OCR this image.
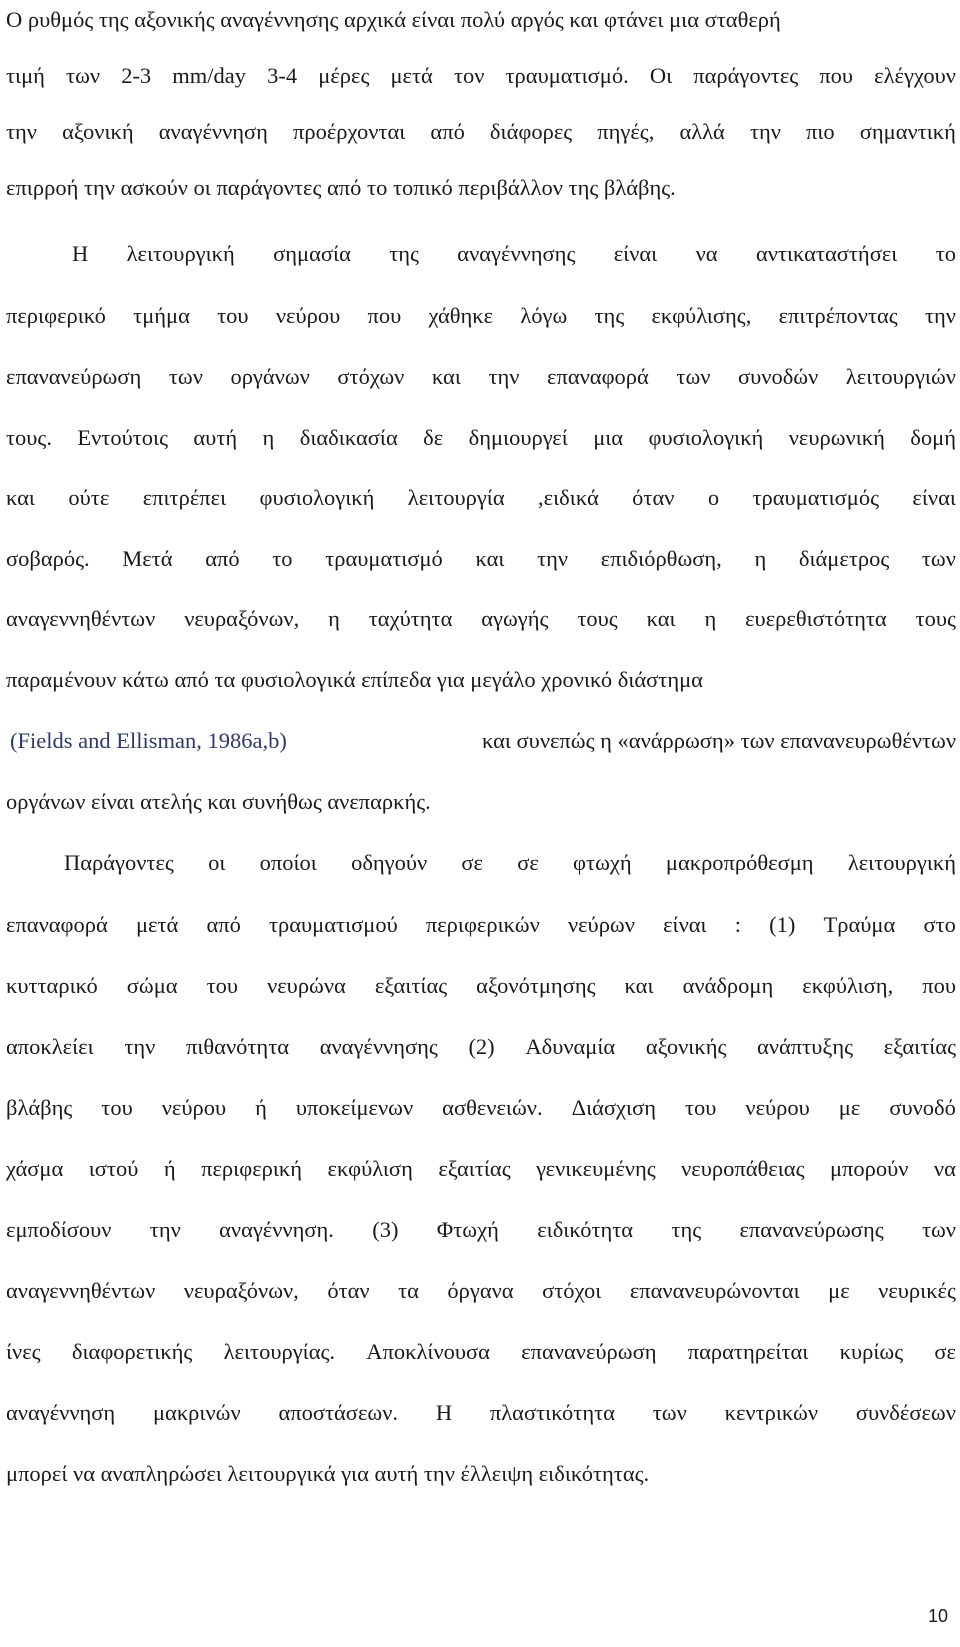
Ο ρυθμός της αξονικής αναγέννησης αρχικά είναι πολύ αργός και φτάνει μια σταθερή
τιμή των 2-3 mm/day 3-4 μέρες μετά τον τραυματισμό. Οι παράγοντες που ελέγχουν
την αξονική αναγέννηση προέρχονται από διάφορες πηγές, αλλά την πιο σημαντική
επιρροή την ασκούν οι παράγοντες από το τοπικό περιβάλλον της βλάβης.
Η λειτουργική σημασία της αναγέννησης είναι να αντικαταστήσει το
περιφερικό τμήμα του νεύρου που χάθηκε λόγω της εκφύλισης, επιτρέποντας την
επανανεύρωση των οργάνων στόχων και την επαναφορά των συνοδών λειτουργιών
τους. Εντούτοις αυτή η διαδικασία δε δημιουργεί μια φυσιολογική νευρωνική δομή
και ούτε επιτρέπει φυσιολογική λειτουργία ,ειδικά όταν ο τραυματισμός είναι
σοβαρός. Μετά από το τραυματισμό και την επιδιόρθωση, η διάμετρος των
αναγεννηθέντων νευραξόνων, η ταχύτητα αγωγής τους και η ευερεθιστότητα τους
παραμένουν κάτω από τα φυσιολογικά επίπεδα για μεγάλο χρονικό διάστημα
(Fields and Ellisman, 1986a,b)	και συνεπώς η «ανάρρωση» των επανανευρωθέντων
οργάνων είναι ατελής και συνήθως ανεπαρκής.
Παράγοντες οι οποίοι οδηγούν σε σε φτωχή μακροπρόθεσμη λειτουργική
επαναφορά μετά από τραυματισμού περιφερικών νεύρων είναι : (1) Τραύμα στο
κυτταρικό σώμα του νευρώνα εξαιτίας αξονότμησης και ανάδρομη εκφύλιση, που
αποκλείει την πιθανότητα αναγέννησης (2) Αδυναμία αξονικής ανάπτυξης εξαιτίας
βλάβης του νεύρου ή υποκείμενων ασθενειών. Διάσχιση του νεύρου με συνοδό
χάσμα ιστού ή περιφερική εκφύλιση εξαιτίας γενικευμένης νευροπάθειας μπορούν να
εμποδίσουν την αναγέννηση. (3) Φτωχή ειδικότητα της επανανεύρωσης των
αναγεννηθέντων νευραξόνων, όταν τα όργανα στόχοι επανανευρώνονται με νευρικές
ίνες διαφορετικής λειτουργίας. Αποκλίνουσα επανανεύρωση παρατηρείται κυρίως σε
αναγέννηση μακρινών αποστάσεων. Η πλαστικότητα των κεντρικών συνδέσεων
μπορεί να αναπληρώσει λειτουργικά για αυτή την έλλειψη ειδικότητας.
10
